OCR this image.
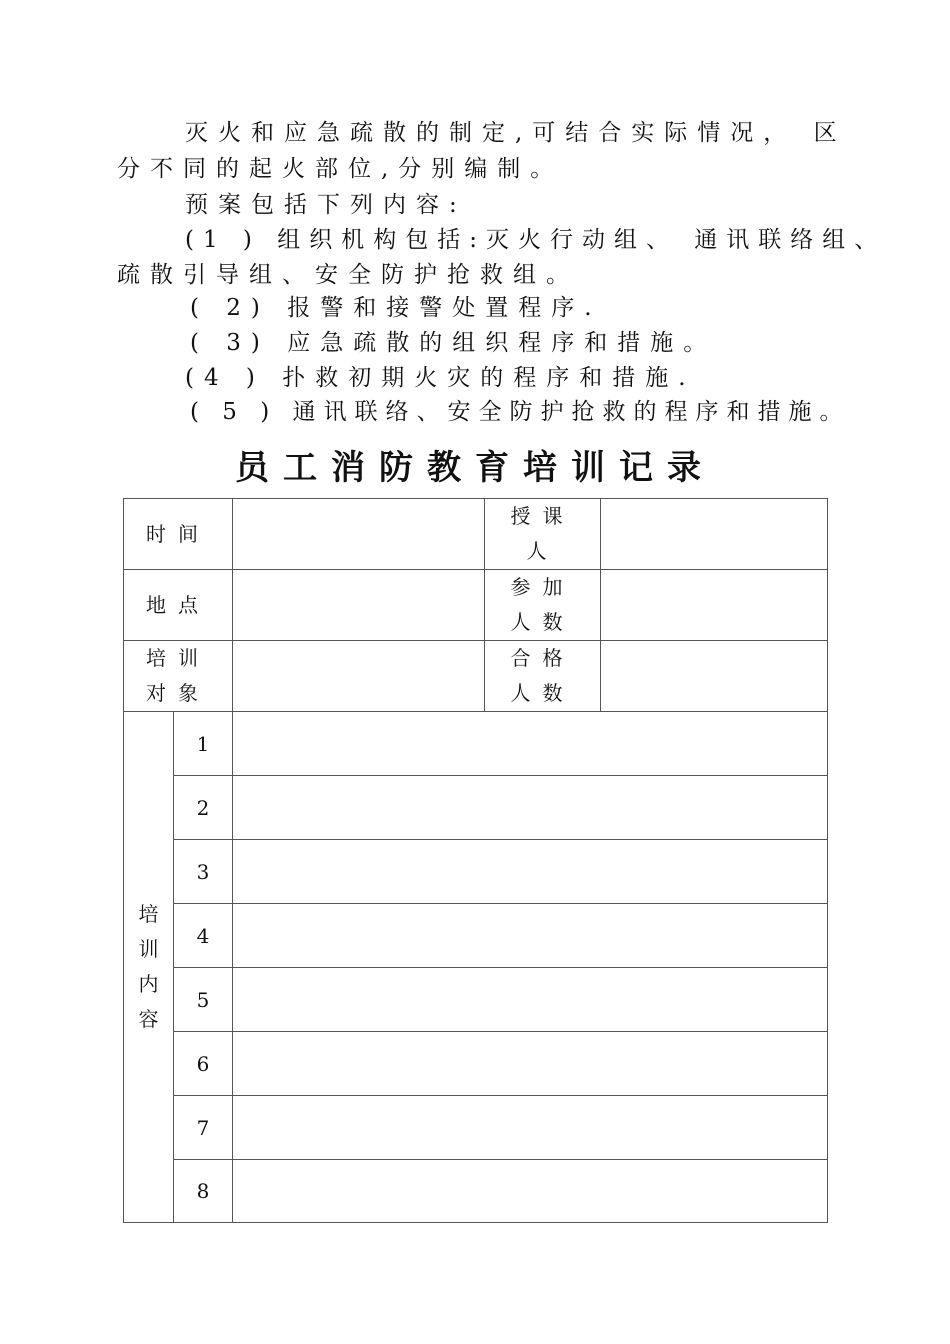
灭火和应急疏散的制定,可结合实际情况， 区
分不同的起火部位,分别编制。
预案包括下列内容:
(1 ) 组织机构包括:灭火行动组、 通讯联络组、
疏散引导组、安全防护抢救组。
( 2) 报警和接警处置程序.
( 3) 应急疏散的组织程序和措施。
(4 ) 扑救初期火灾的程序和措施.
( 5 ) 通讯联络、安全防护抢救的程序和措施。
员工消防教育培训记录
时间			授课人	

地点			参加人数	

培训
对象			合格人数	

培训内容	1			
	2			
	3			
	4			
	5			
	6			
	7			
	8			
